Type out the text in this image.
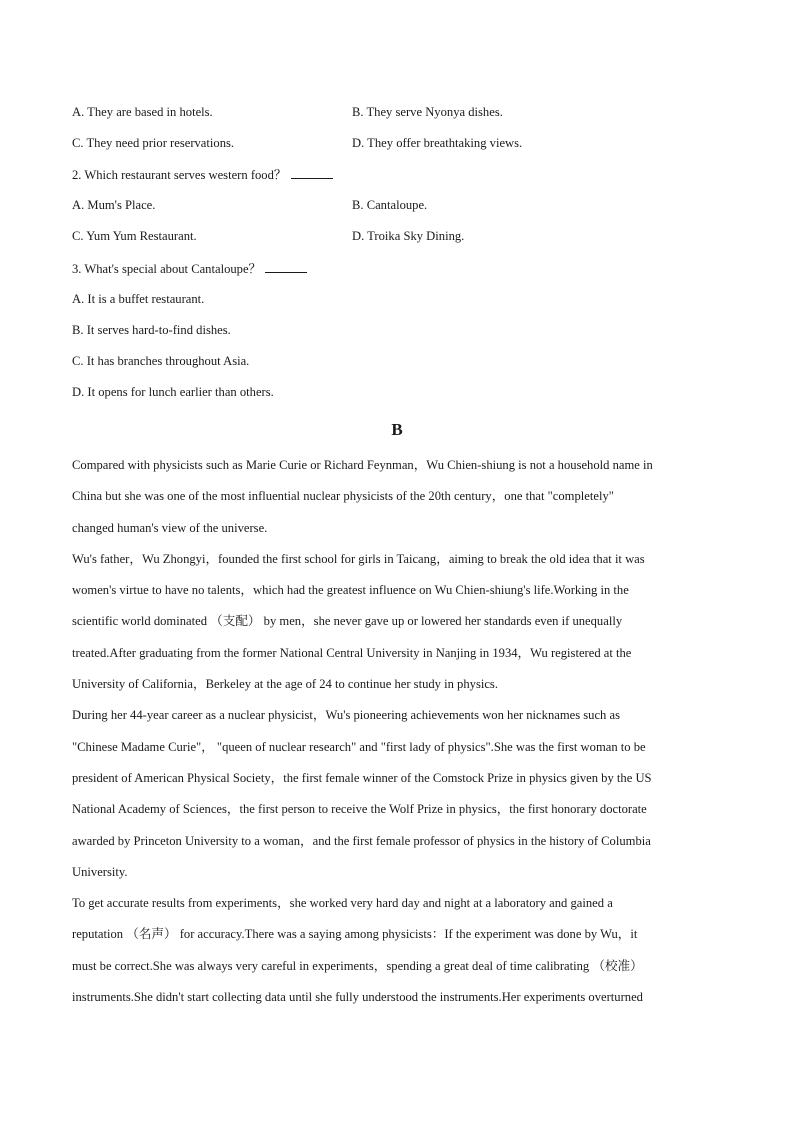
A. They are based in hotels.	B. They serve Nyonya dishes.
C. They need prior reservations.	D. They offer breathtaking views.
2. Which restaurant serves western food？
A. Mum's Place.	B. Cantaloupe.
C. Yum Yum Restaurant.	D. Troika Sky Dining.
3. What's special about Cantaloupe？
A. It is a buffet restaurant.
B. It serves hard-to-find dishes.
C. It has branches throughout Asia.
D. It opens for lunch earlier than others.
B
Compared with physicists such as Marie Curie or Richard Feynman，Wu Chien-shiung is not a household name in
China but she was one of the most influential nuclear physicists of the 20th century，one that "completely"
changed human's view of the universe.
Wu's father，Wu Zhongyi，founded the first school for girls in Taicang，aiming to break the old idea that it was
women's virtue to have no talents，which had the greatest influence on Wu Chien-shiung's life.Working in the
scientific world dominated （支配） by men，she never gave up or lowered her standards even if unequally
treated.After graduating from the former National Central University in Nanjing in 1934，Wu registered at the
University of California，Berkeley at the age of 24 to continue her study in physics.
During her 44-year career as a nuclear physicist，Wu's pioneering achievements won her nicknames such as
"Chinese Madame Curie"， "queen of nuclear research" and "first lady of physics".She was the first woman to be
president of American Physical Society，the first female winner of the Comstock Prize in physics given by the US
National Academy of Sciences，the first person to receive the Wolf Prize in physics，the first honorary doctorate
awarded by Princeton University to a woman，and the first female professor of physics in the history of Columbia
University.
To get accurate results from experiments，she worked very hard day and night at a laboratory and gained a
reputation （名声） for accuracy.There was a saying among physicists：If the experiment was done by Wu，it
must be correct.She was always very careful in experiments，spending a great deal of time calibrating （校准）
instruments.She didn't start collecting data until she fully understood the instruments.Her experiments overturned
